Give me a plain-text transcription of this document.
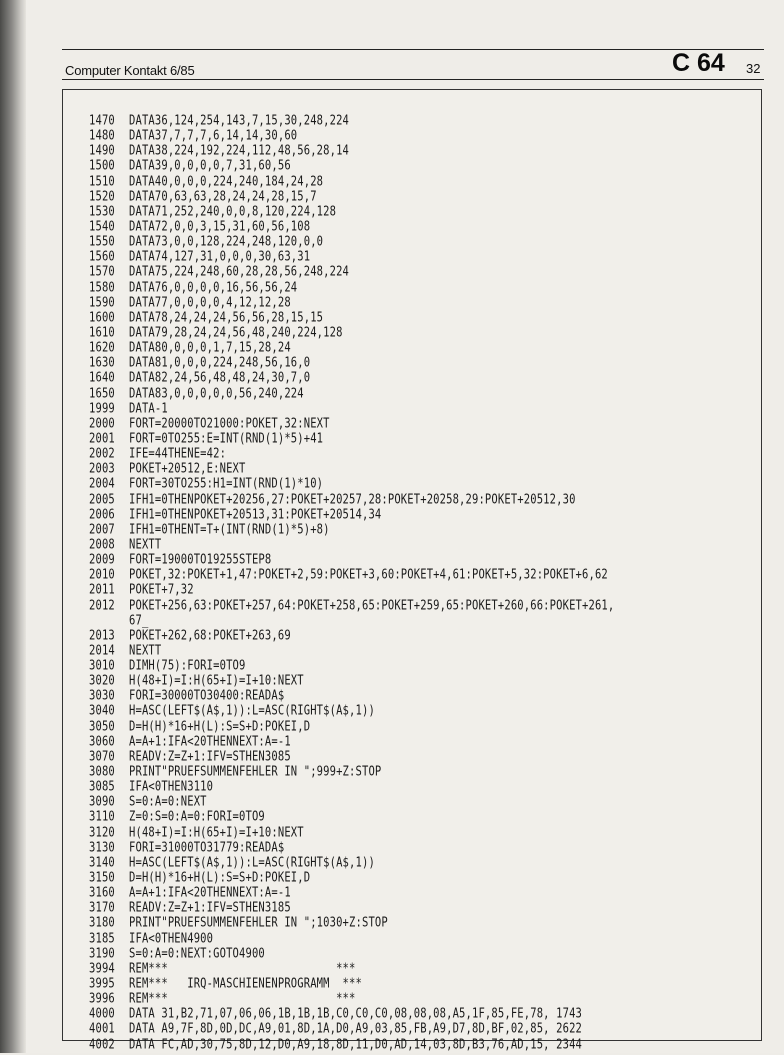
Computer Kontakt 6/85	C 64 32
1470 DATA36,124,254,143,7,15,30,248,224
1480 DATA37,7,7,7,6,14,14,30,60
1490 DATA38,224,192,224,112,48,56,28,14
1500 DATA39,0,0,0,0,7,31,60,56
1510 DATA40,0,0,0,224,240,184,24,28
1520 DATA70,63,63,28,24,24,28,15,7
1530 DATA71,252,240,0,0,8,120,224,128
1540 DATA72,0,0,3,15,31,60,56,108
1550 DATA73,0,0,128,224,248,120,0,0
1560 DATA74,127,31,0,0,0,30,63,31
1570 DATA75,224,248,60,28,28,56,248,224
1580 DATA76,0,0,0,0,16,56,56,24
1590 DATA77,0,0,0,0,4,12,12,28
1600 DATA78,24,24,24,56,56,28,15,15
1610 DATA79,28,24,24,56,48,240,224,128
1620 DATA80,0,0,0,1,7,15,28,24
1630 DATA81,0,0,0,224,248,56,16,0
1640 DATA82,24,56,48,48,24,30,7,0
1650 DATA83,0,0,0,0,0,56,240,224
1999 DATA-1
2000 FORT=20000TO21000:POKET,32:NEXT
2001 FORT=0TO255:E=INT(RND(1)*5)+41
2002 IFE=44THENE=42:
2003 POKET+20512,E:NEXT
2004 FORT=30TO255:H1=INT(RND(1)*10)
2005 IFH1=0THENPOKET+20256,27:POKET+20257,28:POKET+20258,29:POKET+20512,30
2006 IFH1=0THENPOKET+20513,31:POKET+20514,34
2007 IFH1=0THENT=T+(INT(RND(1)*5)+8)
2008 NEXTT
2009 FORT=19000TO19255STEP8
2010 POKET,32:POKET+1,47:POKET+2,59:POKET+3,60:POKET+4,61:POKET+5,32:POKET+6,62
2011 POKET+7,32
2012 POKET+256,63:POKET+257,64:POKET+258,65:POKET+259,65:POKET+260,66:POKET+261,
67_
2013 POKET+262,68:POKET+263,69
2014 NEXTT
3010 DIMH(75):FORI=0TO9
3020 H(48+I)=I:H(65+I)=I+10:NEXT
3030 FORI=30000TO30400:READA$
3040 H=ASC(LEFT$(A$,1)):L=ASC(RIGHT$(A$,1))
3050 D=H(H)*16+H(L):S=S+D:POKEI,D
3060 A=A+1:IFA<20THENNEXT:A=-1
3070 READV:Z=Z+1:IFV=STHEN3085
3080 PRINT"PRUEFSUMMENFEHLER IN ";999+Z:STOP
3085 IFA<0THEN3110
3090 S=0:A=0:NEXT
3110 Z=0:S=0:A=0:FORI=0TO9
3120 H(48+I)=I:H(65+I)=I+10:NEXT
3130 FORI=31000TO31779:READA$
3140 H=ASC(LEFT$(A$,1)):L=ASC(RIGHT$(A$,1))
3150 D=H(H)*16+H(L):S=S+D:POKEI,D
3160 A=A+1:IFA<20THENNEXT:A=-1
3170 READV:Z=Z+1:IFV=STHEN3185
3180 PRINT"PRUEFSUMMENFEHLER IN ";1030+Z:STOP
3185 IFA<0THEN4900
3190 S=0:A=0:NEXT:GOTO4900
3994 REM***                          ***
3995 REM***   IRQ-MASCHIENENPROGRAMM  ***
3996 REM***                          ***
4000 DATA 31,B2,71,07,06,06,1B,1B,1B,C0,C0,C0,08,08,08,A5,1F,85,FE,78, 1743
4001 DATA A9,7F,8D,0D,DC,A9,01,8D,1A,D0,A9,03,85,FB,A9,D7,8D,BF,02,85, 2622
4002 DATA FC,AD,30,75,8D,12,D0,A9,18,8D,11,D0,AD,14,03,8D,B3,76,AD,15, 2344
